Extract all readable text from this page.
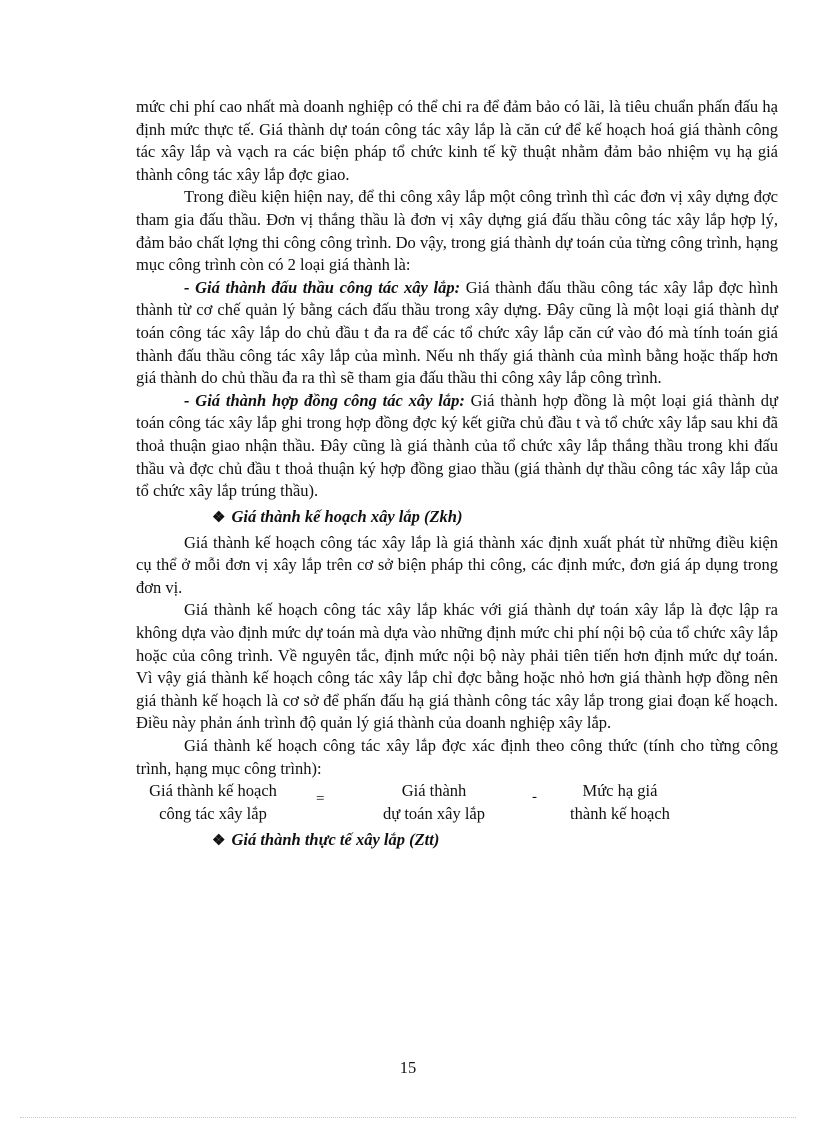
mức chi phí cao nhất mà doanh nghiệp có thể chi ra để đảm bảo có lãi, là tiêu chuẩn phấn đấu hạ định mức thực tế. Giá thành dự toán công tác xây lắp là căn cứ để kế hoạch hoá giá thành công tác xây lắp và vạch ra các biện pháp tổ chức kinh tế kỹ thuật nhằm đảm bảo nhiệm vụ hạ giá thành công tác xây lắp đợc giao.

Trong điều kiện hiện nay, để thi công xây lắp một công trình thì các đơn vị xây dựng đợc tham gia đấu thầu. Đơn vị thắng thầu là đơn vị xây dựng giá đấu thầu công tác xây lắp hợp lý, đảm bảo chất lợng thi công công trình. Do vậy, trong giá thành dự toán của từng công trình, hạng mục công trình còn có 2 loại giá thành là:

- Giá thành đấu thầu công tác xây lắp: Giá thành đấu thầu công tác xây lắp đợc hình thành từ cơ chế quản lý bằng cách đấu thầu trong xây dựng. Đây cũng là một loại giá thành dự toán công tác xây lắp do chủ đầu t đa ra để các tổ chức xây lắp căn cứ vào đó mà tính toán giá thành đấu thầu công tác xây lắp của mình. Nếu nh thấy giá thành của mình bằng hoặc thấp hơn giá thành do chủ thầu đa ra thì sẽ tham gia đấu thầu thi công xây lắp công trình.

- Giá thành hợp đồng công tác xây lắp: Giá thành hợp đồng là một loại giá thành dự toán công tác xây lắp ghi trong hợp đồng đợc ký kết giữa chủ đầu t và tổ chức xây lắp sau khi đã thoả thuận giao nhận thầu. Đây cũng là giá thành của tổ chức xây lắp thắng thầu trong khi đấu thầu và đợc chủ đầu t thoả thuận ký hợp đồng giao thầu (giá thành dự thầu công tác xây lắp của tổ chức xây lắp trúng thầu).

❖ Giá thành kế hoạch xây lắp (Zkh)

Giá thành kế hoạch công tác xây lắp là giá thành xác định xuất phát từ những điều kiện cụ thể ở mỗi đơn vị xây lắp trên cơ sở biện pháp thi công, các định mức, đơn giá áp dụng trong đơn vị.

Giá thành kế hoạch công tác xây lắp khác với giá thành dự toán xây lắp là đợc lập ra không dựa vào định mức dự toán mà dựa vào những định mức chi phí nội bộ của tổ chức xây lắp hoặc của công trình. Về nguyên tắc, định mức nội bộ này phải tiên tiến hơn định mức dự toán. Vì vậy giá thành kế hoạch công tác xây lắp chỉ đợc bằng hoặc nhỏ hơn giá thành hợp đồng nên giá thành kế hoạch là cơ sở để phấn đấu hạ giá thành công tác xây lắp trong giai đoạn kế hoạch. Điều này phản ánh trình độ quản lý giá thành của doanh nghiệp xây lắp.

Giá thành kế hoạch công tác xây lắp đợc xác định theo công thức (tính cho từng công trình, hạng mục công trình):

Giá thành kế hoạch
công tác xây lắp
=	Giá thành
dự toán xây lắp
-	Mức hạ giá
thành kế hoạch

❖ Giá thành thực tế xây lắp (Ztt)

15
